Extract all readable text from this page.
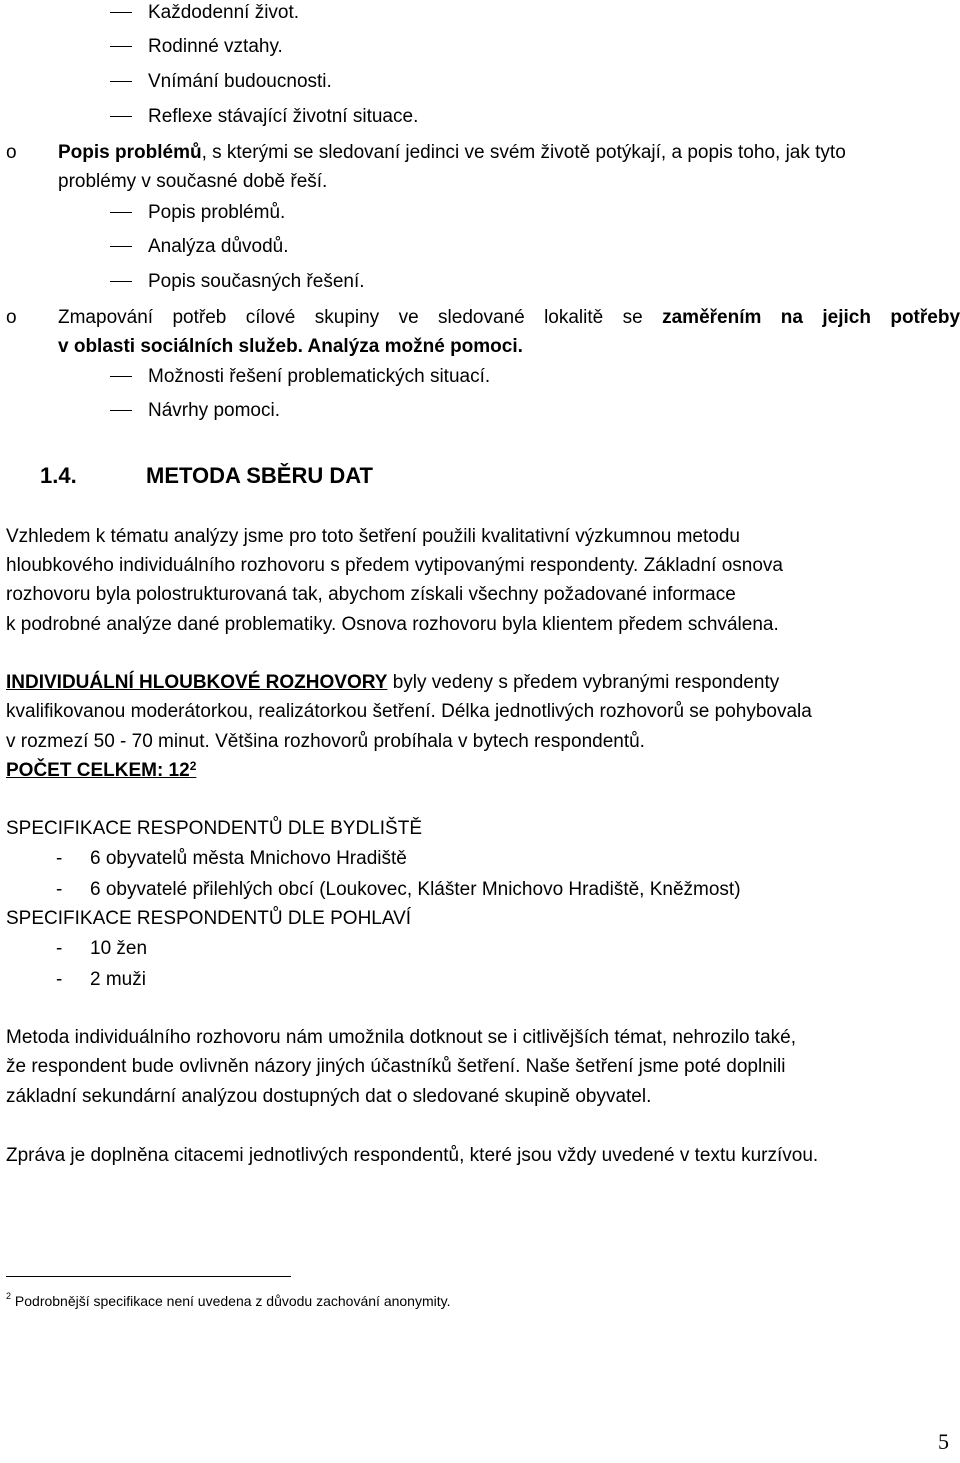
Každodenní život.
Rodinné vztahy.
Vnímání budoucnosti.
Reflexe stávající životní situace.
o Popis problémů, s kterými se sledovaní jedinci ve svém životě potýkají, a popis toho, jak tyto
problémy v současné době řeší.
Popis problémů.
Analýza důvodů.
Popis současných řešení.
o Zmapování potřeb cílové skupiny ve sledované lokalitě se zaměřením na jejich potřeby
v oblasti sociálních služeb. Analýza možné pomoci.
Možnosti řešení problematických situací.
Návrhy pomoci.
1.4.	METODA SBĚRU DAT
Vzhledem k tématu analýzy jsme pro toto šetření použili kvalitativní výzkumnou metodu
hloubkového individuálního rozhovoru s předem vytipovanými respondenty. Základní osnova
rozhovoru byla polostrukturovaná tak, abychom získali všechny požadované informace
k podrobné analýze dané problematiky. Osnova rozhovoru byla klientem předem schválena.
INDIVIDUÁLNÍ HLOUBKOVÉ ROZHOVORY byly vedeny s předem vybranými respondenty
kvalifikovanou moderátorkou, realizátorkou šetření. Délka jednotlivých rozhovorů se pohybovala
v rozmezí 50 - 70 minut. Většina rozhovorů probíhala v bytech respondentů.
POČET CELKEM: $12^2$
SPECIFIKACE RESPONDENTŮ DLE BYDLIŠTĚ
- 6 obyvatelů města Mnichovo Hradiště
- 6 obyvatelé přilehlých obcí (Loukovec, Klášter Mnichovo Hradiště, Kněžmost)
SPECIFIKACE RESPONDENTŮ DLE POHLAVÍ
- 10 žen
- 2 muži
Metoda individuálního rozhovoru nám umožnila dotknout se i citlivějších témat, nehrozilo také,
že respondent bude ovlivněn názory jiných účastníků šetření. Naše šetření jsme poté doplnili
základní sekundární analýzou dostupných dat o sledované skupině obyvatel.
Zpráva je doplněna citacemi jednotlivých respondentů, které jsou vždy uvedené v textu kurzívou.
$^2$ Podrobnější specifikace není uvedena z důvodu zachování anonymity.
5
